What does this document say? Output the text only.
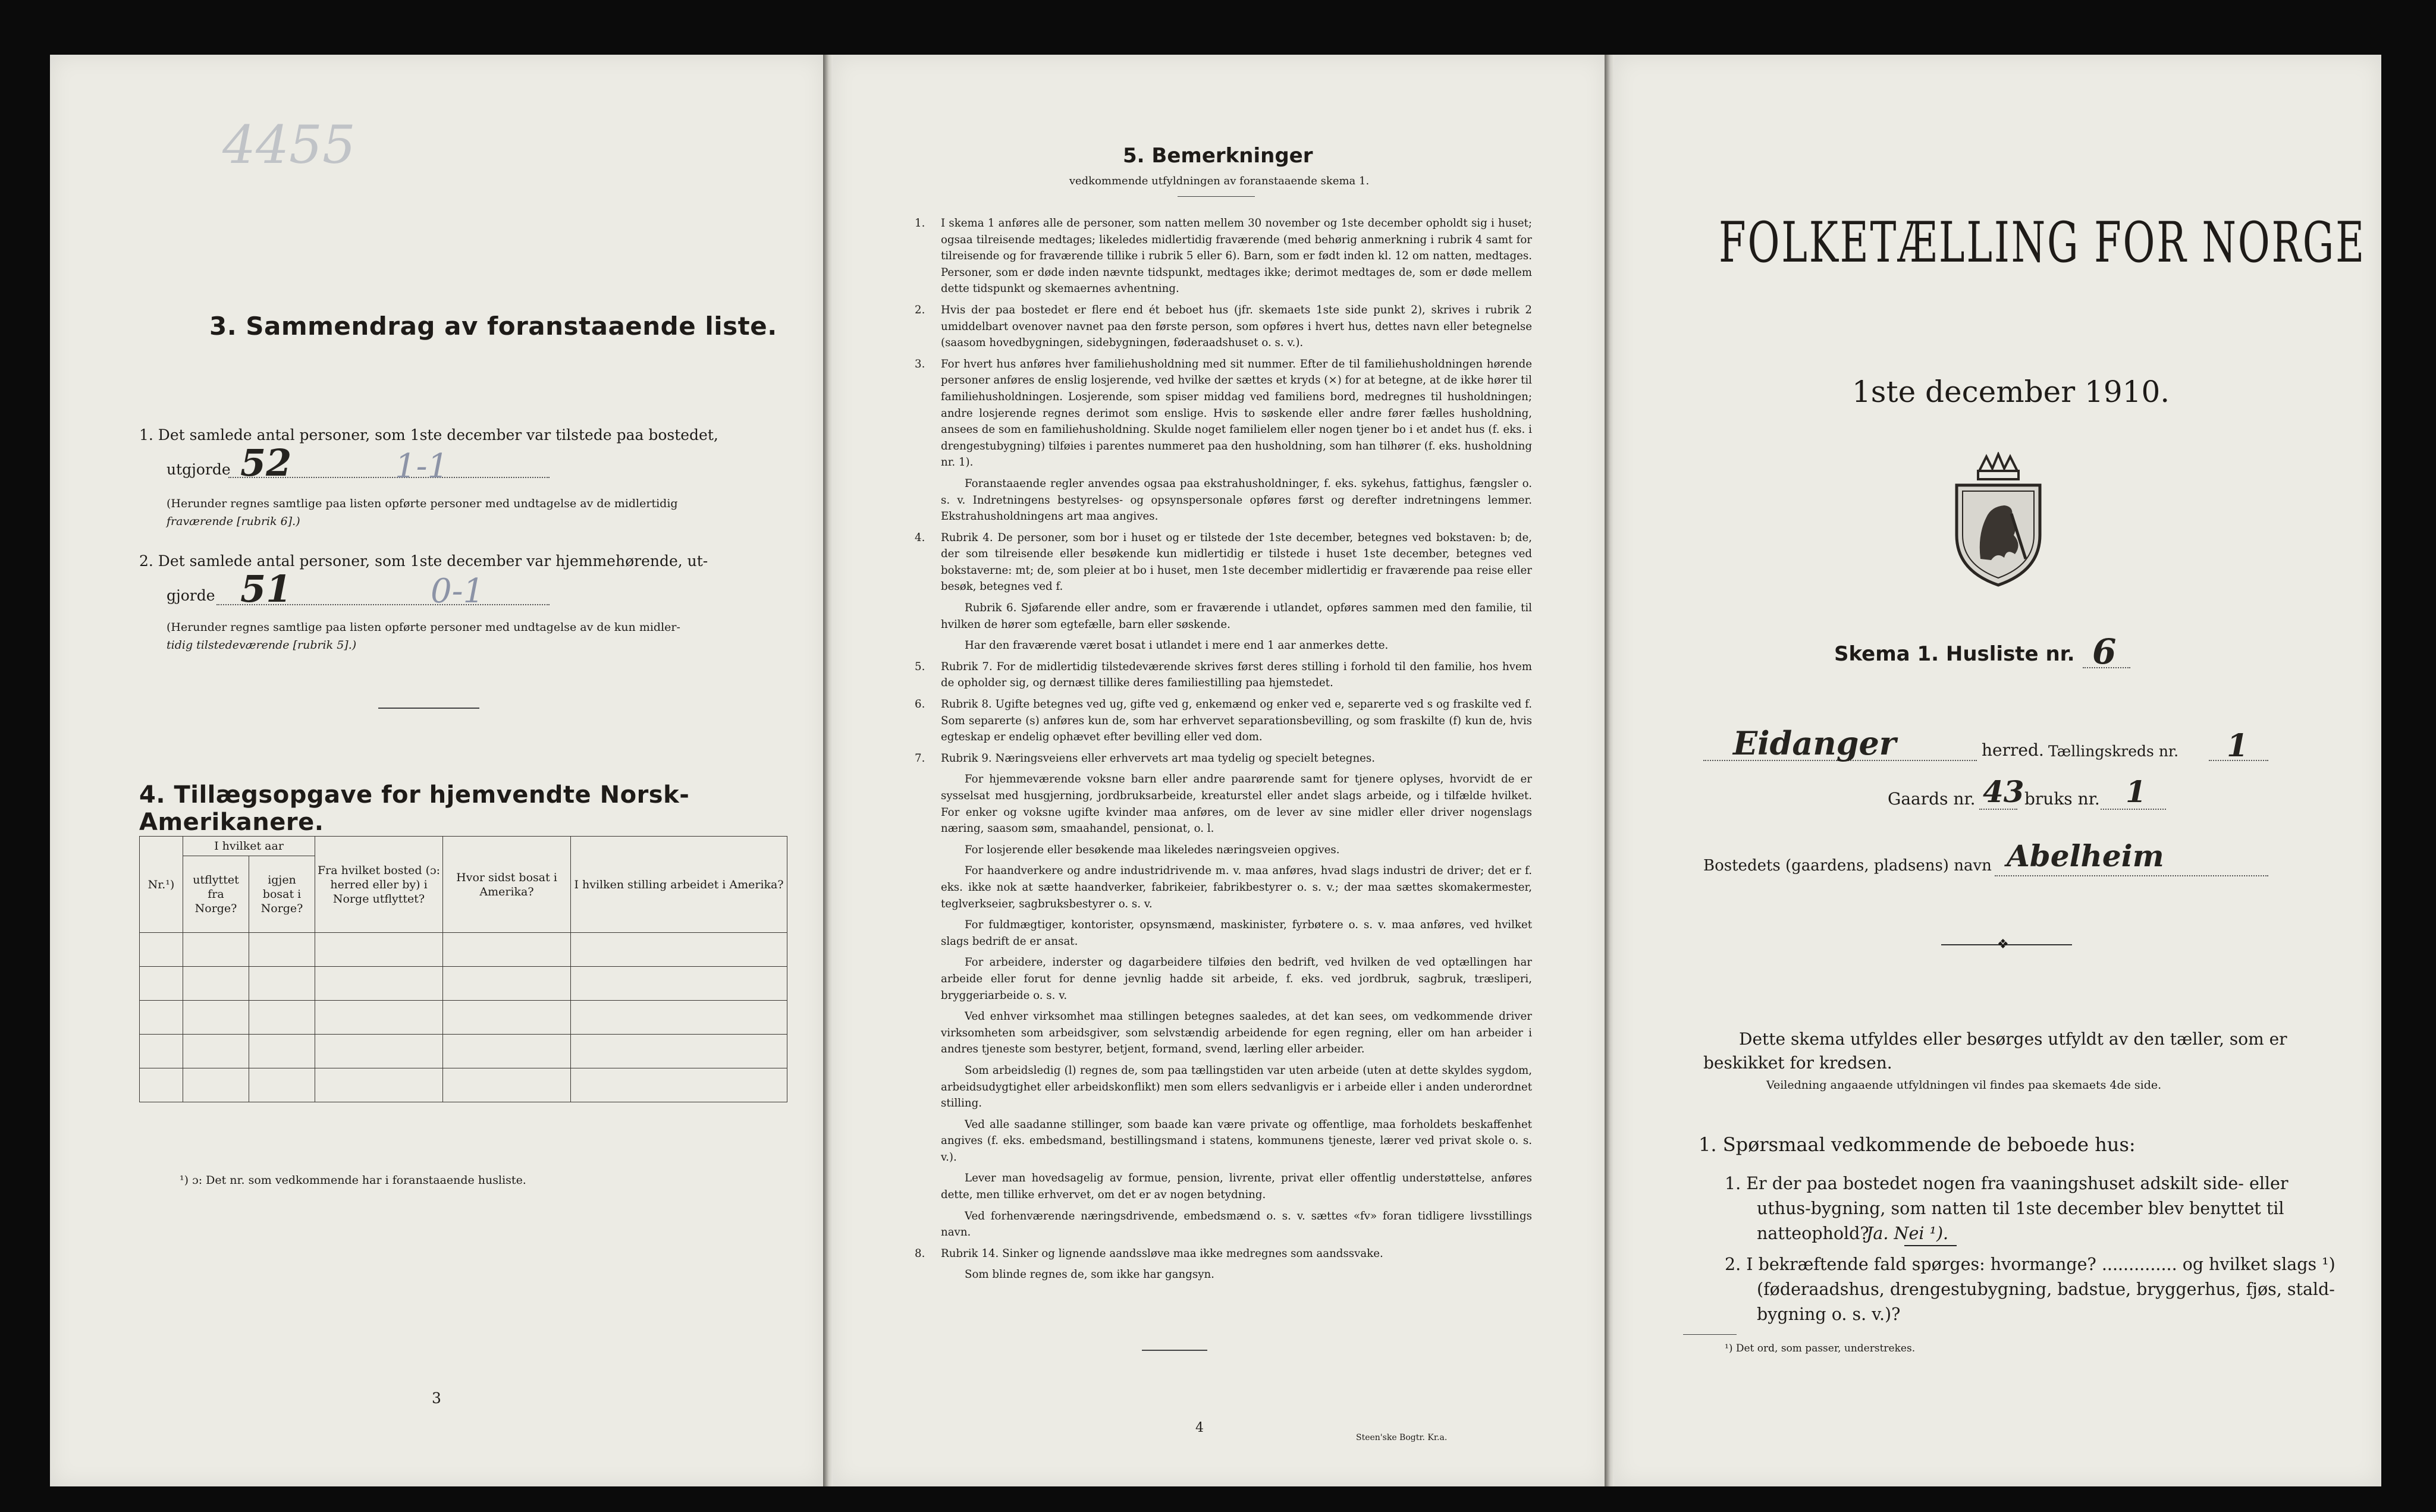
4455
3. Sammendrag av foranstaaende liste.
1. Det samlede antal personer, som 1ste december var tilstede paa bostedet,
utgjorde 52	1-1
(Herunder regnes samtlige paa listen opførte personer med undtagelse av de midlertidig
fraværende [rubrik 6].)
2. Det samlede antal personer, som 1ste december var hjemmehørende, ut-
gjorde 51	0-1
(Herunder regnes samtlige paa listen opførte personer med undtagelse av de kun midler-
tidig tilstedeværende [rubrik 5].)
4. Tillægsopgave for hjemvendte Norsk-Amerikanere.
Nr.¹)	I hvilket aar		Fra hvilket bosted (ɔ: herred eller by) i Norge utflyttet?	Hvor sidst bosat i Amerika?	I hvilken stilling arbeidet i Amerika?
	utflyttet fra Norge?	igjen bosat i Norge?			

¹) ɔ: Det nr. som vedkommende har i foranstaaende husliste.
3
5. Bemerkninger
vedkommende utfyldningen av foranstaaende skema 1.
1. I skema 1 anføres alle de personer, som natten mellem 30 november og 1ste december opholdt sig i huset; ogsaa tilreisende medtages; likeledes midlertidig fraværende (med behørig anmerkning i rubrik 4 samt for tilreisende og for fraværende tillike i rubrik 5 eller 6). Barn, som er født inden kl. 12 om natten, medtages. Personer, som er døde inden nævnte tidspunkt, medtages ikke; derimot medtages de, som er døde mellem dette tidspunkt og skemaernes avhentning.
2. Hvis der paa bostedet er flere end ét beboet hus (jfr. skemaets 1ste side punkt 2), skrives i rubrik 2 umiddelbart ovenover navnet paa den første person, som opføres i hvert hus, dettes navn eller betegnelse (saasom hovedbygningen, sidebygningen, føderaadshuset o. s. v.).
3. For hvert hus anføres hver familiehusholdning med sit nummer. Efter de til familiehusholdningen hørende personer anføres de enslig losjerende, ved hvilke der sættes et kryds (×) for at betegne, at de ikke hører til familiehusholdningen. Losjerende, som spiser middag ved familiens bord, medregnes til husholdningen; andre losjerende regnes derimot som enslige. Hvis to søskende eller andre fører fælles husholdning, ansees de som en familiehusholdning. Skulde noget familielem eller nogen tjener bo i et andet hus (f. eks. i drengestubygning) tilføies i parentes nummeret paa den husholdning, som han tilhører (f. eks. husholdning nr. 1).
Foranstaaende regler anvendes ogsaa paa ekstrahusholdninger, f. eks. sykehus, fattighus, fængsler o. s. v. Indretningens bestyrelses- og opsynspersonale opføres først og derefter indretningens lemmer. Ekstrahusholdningens art maa angives.
4. Rubrik 4. De personer, som bor i huset og er tilstede der 1ste december, betegnes ved bokstaven: b; de, der som tilreisende eller besøkende kun midlertidig er tilstede i huset 1ste december, betegnes ved bokstaverne: mt; de, som pleier at bo i huset, men 1ste december midlertidig er fraværende paa reise eller besøk, betegnes ved f.
Rubrik 6. Sjøfarende eller andre, som er fraværende i utlandet, opføres sammen med den familie, til hvilken de hører som egtefælle, barn eller søskende.
Har den fraværende været bosat i utlandet i mere end 1 aar anmerkes dette.
5. Rubrik 7. For de midlertidig tilstedeværende skrives først deres stilling i forhold til den familie, hos hvem de opholder sig, og dernæst tillike deres familiestilling paa hjemstedet.
6. Rubrik 8. Ugifte betegnes ved ug, gifte ved g, enkemænd og enker ved e, separerte ved s og fraskilte ved f. Som separerte (s) anføres kun de, som har erhvervet separationsbevilling, og som fraskilte (f) kun de, hvis egteskap er endelig ophævet efter bevilling eller ved dom.
7. Rubrik 9. Næringsveiens eller erhvervets art maa tydelig og specielt betegnes.
For hjemmeværende voksne barn eller andre paarørende samt for tjenere oplyses, hvorvidt de er sysselsat med husgjerning, jordbruksarbeide, kreaturstel eller andet slags arbeide, og i tilfælde hvilket. For enker og voksne ugifte kvinder maa anføres, om de lever av sine midler eller driver nogenslags næring, saasom søm, smaahandel, pensionat, o. l.
For losjerende eller besøkende maa likeledes næringsveien opgives.
For haandverkere og andre industridrivende m. v. maa anføres, hvad slags industri de driver; det er f. eks. ikke nok at sætte haandverker, fabrikeier, fabrikbestyrer o. s. v.; der maa sættes skomakermester, teglverkseier, sagbruksbestyrer o. s. v.
For fuldmægtiger, kontorister, opsynsmænd, maskinister, fyrbøtere o. s. v. maa anføres, ved hvilket slags bedrift de er ansat.
For arbeidere, inderster og dagarbeidere tilføies den bedrift, ved hvilken de ved optællingen har arbeide eller forut for denne jevnlig hadde sit arbeide, f. eks. ved jordbruk, sagbruk, træsliperi, bryggeriarbeide o. s. v.
Ved enhver virksomhet maa stillingen betegnes saaledes, at det kan sees, om vedkommende driver virksomheten som arbeidsgiver, som selvstændig arbeidende for egen regning, eller om han arbeider i andres tjeneste som bestyrer, betjent, formand, svend, lærling eller arbeider.
Som arbeidsledig (l) regnes de, som paa tællingstiden var uten arbeide (uten at dette skyldes sygdom, arbeidsudygtighet eller arbeidskonflikt) men som ellers sedvanligvis er i arbeide eller i anden underordnet stilling.
Ved alle saadanne stillinger, som baade kan være private og offentlige, maa forholdets beskaffenhet angives (f. eks. embedsmand, bestillingsmand i statens, kommunens tjeneste, lærer ved privat skole o. s. v.).
Lever man hovedsagelig av formue, pension, livrente, privat eller offentlig understøttelse, anføres dette, men tillike erhvervet, om det er av nogen betydning.
Ved forhenværende næringsdrivende, embedsmænd o. s. v. sættes «fv» foran tidligere livsstillings navn.
8. Rubrik 14. Sinker og lignende aandssløve maa ikke medregnes som aandssvake.
Som blinde regnes de, som ikke har gangsyn.
4
Steen'ske Bogtr. Kr.a.
FOLKETÆLLING FOR NORGE
1ste december 1910.
Skema 1. Husliste nr. 6
Eidanger	herred. Tællingskreds nr. 1
Gaards nr. 43 bruks nr. 1
Bostedets (gaardens, pladsens) navn Abelheim
❖
Dette skema utfyldes eller besørges utfyldt av den tæller, som er
beskikket for kredsen.
Veiledning angaaende utfyldningen vil findes paa skemaets 4de side.
1. Spørsmaal vedkommende de beboede hus:
1. Er der paa bostedet nogen fra vaaningshuset adskilt side- eller
uthus-bygning, som natten til 1ste december blev benyttet til
natteophold?
Ja. Nei ¹).
2. I bekræftende fald spørges: hvormange? .............. og hvilket slags ¹)
(føderaadshus, drengestubygning, badstue, bryggerhus, fjøs, stald-
bygning o. s. v.)?
¹) Det ord, som passer, understrekes.
